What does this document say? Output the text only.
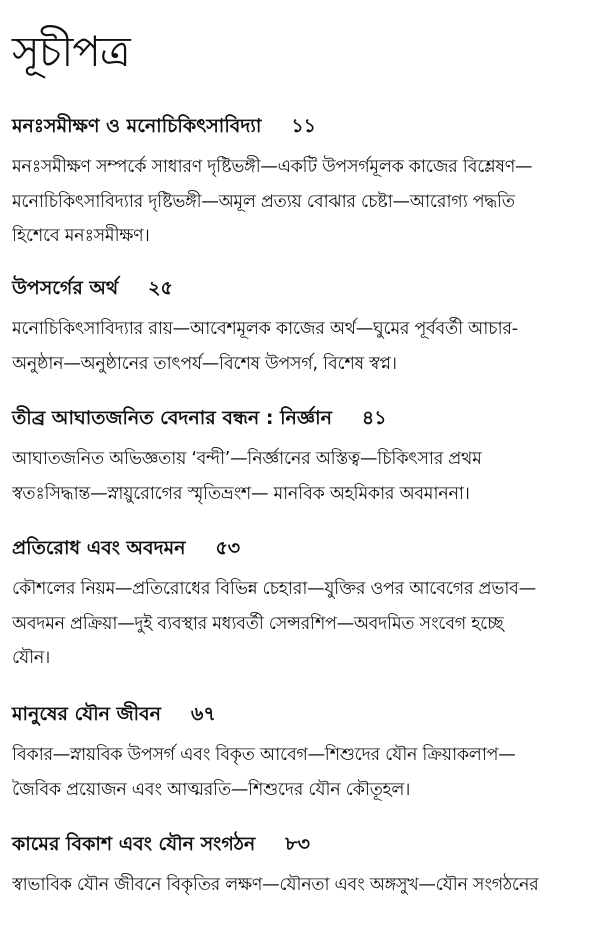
সূচীপত্র
মনঃসমীক্ষণ ও মনোচিকিৎসাবিদ্যা ১১
মনঃসমীক্ষণ সম্পর্কে সাধারণ দৃষ্টিভঙ্গী—একটি উপসর্গমূলক কাজের বিশ্লেষণ—
মনোচিকিৎসাবিদ্যার দৃষ্টিভঙ্গী—অমূল প্রত্যয় বোঝার চেষ্টা—আরোগ্য পদ্ধতি
হিশেবে মনঃসমীক্ষণ।
উপসর্গের অর্থ ২৫
মনোচিকিৎসাবিদ্যার রায়—আবেশমূলক কাজের অর্থ—ঘুমের পূর্ববর্তী আচার-
অনুষ্ঠান—অনুষ্ঠানের তাৎপর্য—বিশেষ উপসর্গ, বিশেষ স্বপ্ন।
তীব্র আঘাতজনিত বেদনার বন্ধন : নির্জ্ঞান ৪১
আঘাতজনিত অভিজ্ঞতায় ‘বন্দী’—নির্জ্ঞানের অস্তিত্ব—চিকিৎসার প্রথম
স্বতঃসিদ্ধান্ত—স্নায়ুরোগের স্মৃতিভ্রংশ— মানবিক অহমিকার অবমাননা।
প্রতিরোধ এবং অবদমন ৫৩
কৌশলের নিয়ম—প্রতিরোধের বিভিন্ন চেহারা—যুক্তির ওপর আবেগের প্রভাব—
অবদমন প্রক্রিয়া—দুই ব্যবস্থার মধ্যবর্তী সেন্সরশিপ—অবদমিত সংবেগ হচ্ছে
যৌন।
মানুষের যৌন জীবন ৬৭
বিকার—স্নায়বিক উপসর্গ এবং বিকৃত আবেগ—শিশুদের যৌন ক্রিয়াকলাপ—
জৈবিক প্রয়োজন এবং আত্মরতি—শিশুদের যৌন কৌতূহল।
কামের বিকাশ এবং যৌন সংগঠন ৮৩
স্বাভাবিক যৌন জীবনে বিকৃতির লক্ষণ—যৌনতা এবং অঙ্গসুখ—যৌন সংগঠনের
